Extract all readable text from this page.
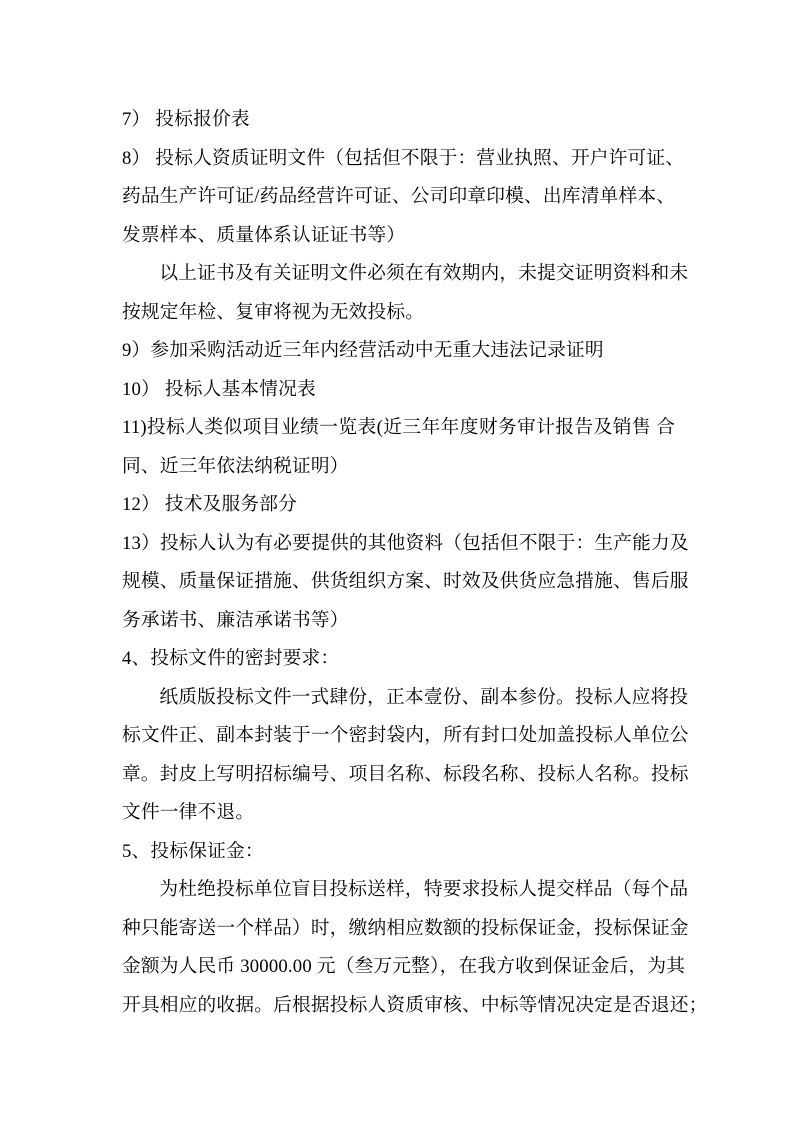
7） 投标报价表
8） 投标人资质证明文件（包括但不限于：营业执照、开户许可证、
药品生产许可证/药品经营许可证、公司印章印模、出库清单样本、
发票样本、质量体系认证证书等）
以上证书及有关证明文件必须在有效期内，未提交证明资料和未
按规定年检、复审将视为无效投标。
9）参加采购活动近三年内经营活动中无重大违法记录证明
10） 投标人基本情况表
11)投标人类似项目业绩一览表(近三年年度财务审计报告及销售 合
同、近三年依法纳税证明）
12） 技术及服务部分
13）投标人认为有必要提供的其他资料（包括但不限于：生产能力及
规模、质量保证措施、供货组织方案、时效及供货应急措施、售后服
务承诺书、廉洁承诺书等）
4、投标文件的密封要求：
纸质版投标文件一式肆份，正本壹份、副本参份。投标人应将投
标文件正、副本封装于一个密封袋内，所有封口处加盖投标人单位公
章。封皮上写明招标编号、项目名称、标段名称、投标人名称。投标
文件一律不退。
5、投标保证金：
为杜绝投标单位盲目投标送样，特要求投标人提交样品（每个品
种只能寄送一个样品）时，缴纳相应数额的投标保证金，投标保证金
金额为人民币 30000.00 元（叁万元整），在我方收到保证金后，为其
开具相应的收据。后根据投标人资质审核、中标等情况决定是否退还；
